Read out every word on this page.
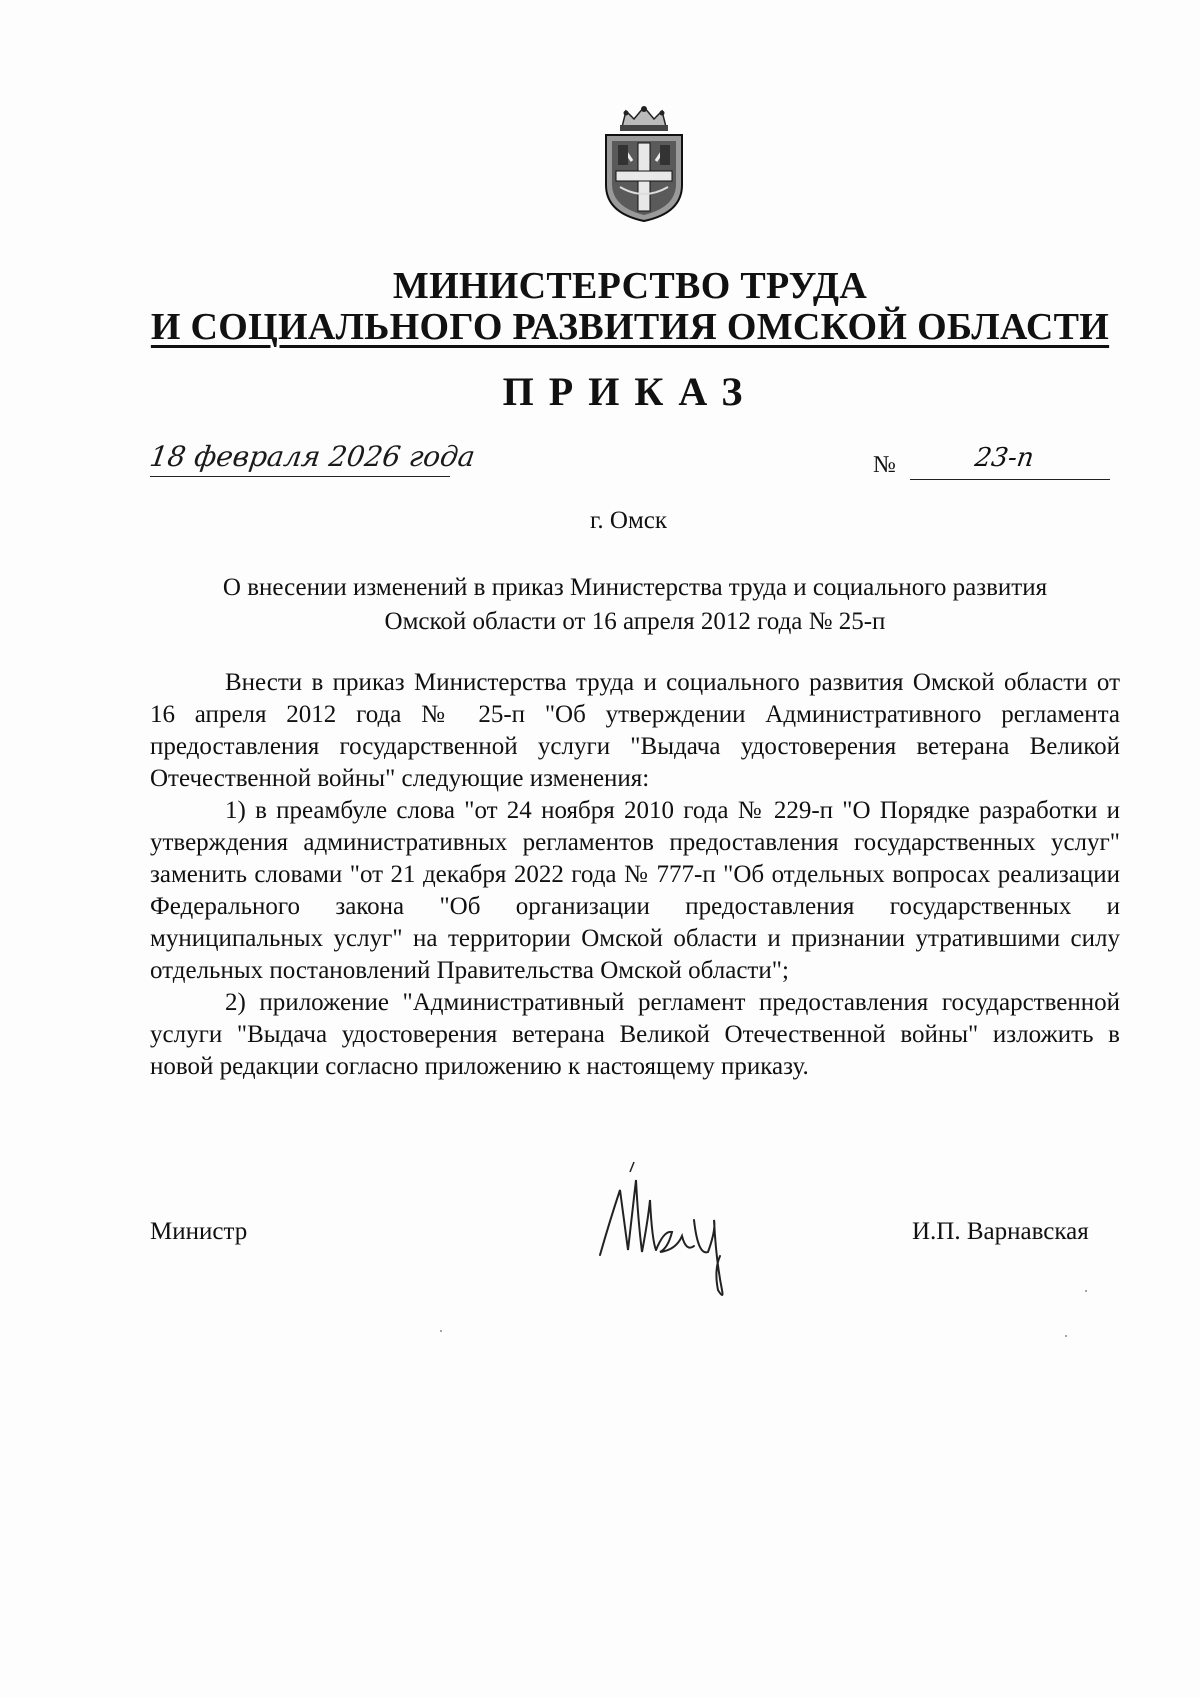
МИНИСТЕРСТВО ТРУДА
И СОЦИАЛЬНОГО РАЗВИТИЯ ОМСКОЙ ОБЛАСТИ
ПРИКАЗ
18 февраля 2026 года	№	23-п
г. Омск
О внесении изменений в приказ Министерства труда и социального развития
Омской области от 16 апреля 2012 года № 25-п

Внести в приказ Министерства труда и социального развития Омской области от 16 апреля 2012 года № 25-п "Об утверждении Административного регламента предоставления государственной услуги "Выдача удостоверения ветерана Великой Отечественной войны" следующие изменения:

1) в преамбуле слова "от 24 ноября 2010 года № 229-п "О Порядке разработки и утверждения административных регламентов предоставления государственных услуг" заменить словами "от 21 декабря 2022 года № 777-п "Об отдельных вопросах реализации Федерального закона "Об организации предоставления государственных и муниципальных услуг" на территории Омской области и признании утратившими силу отдельных постановлений Правительства Омской области";

2) приложение "Административный регламент предоставления государственной услуги "Выдача удостоверения ветерана Великой Отечественной войны" изложить в новой редакции согласно приложению к настоящему приказу.

Министр	И.П. Варнавская
